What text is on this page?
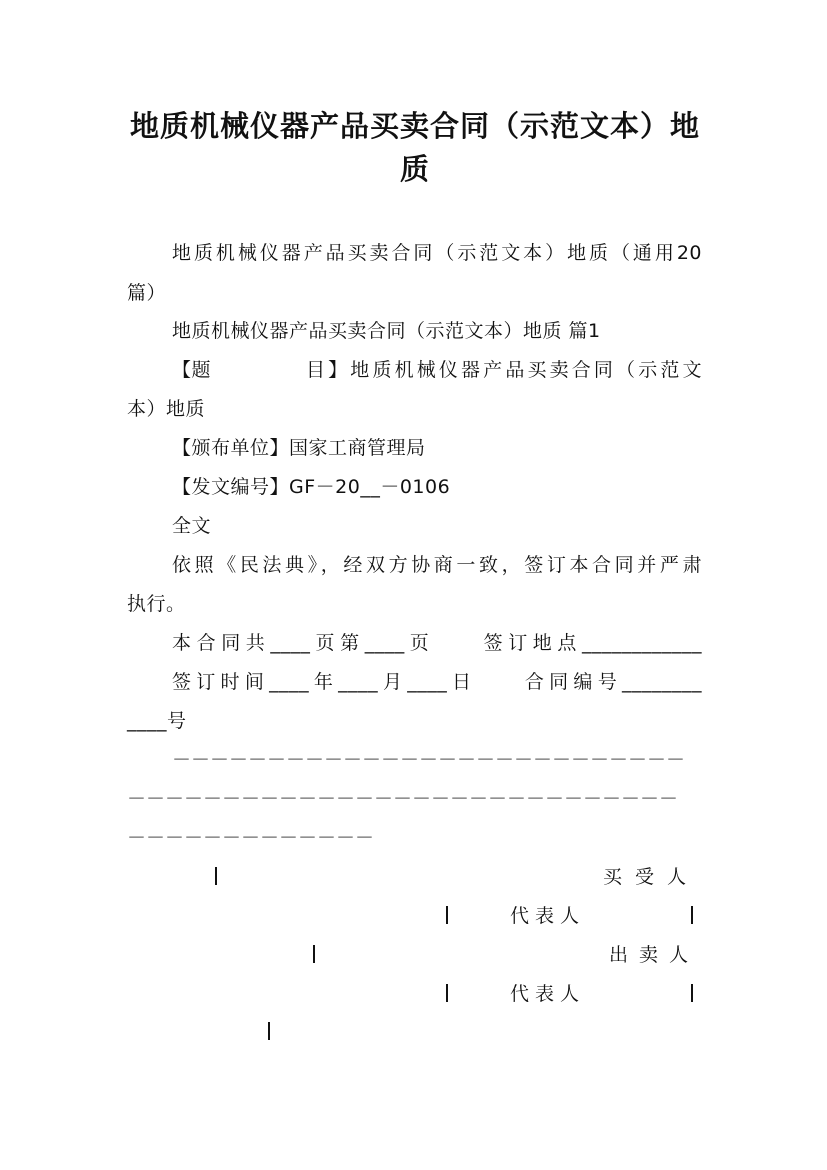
地质机械仪器产品买卖合同（示范文本）地
质

地质机械仪器产品买卖合同（示范文本）地质（通用20

篇）

地质机械仪器产品买卖合同（示范文本）地质 篇1

【题	目】地质机械仪器产品买卖合同（示范文

本）地质

【颁布单位】国家工商管理局

【发文编号】GF－20__－0106

全文

依照《民法典》，经双方协商一致，签订本合同并严肃

执行。

本合同共____页第____页　　签订地点____________

签订时间____年____月____日　　合同编号________

____号

－－－－－－－－－－－－－－－－－－－－－－－－－－－
－－－－－－－－－－－－－－－－－－－－－－－－－－－－－
－－－－－－－－－－－－－
买受人
代表人
出卖人
代表人
